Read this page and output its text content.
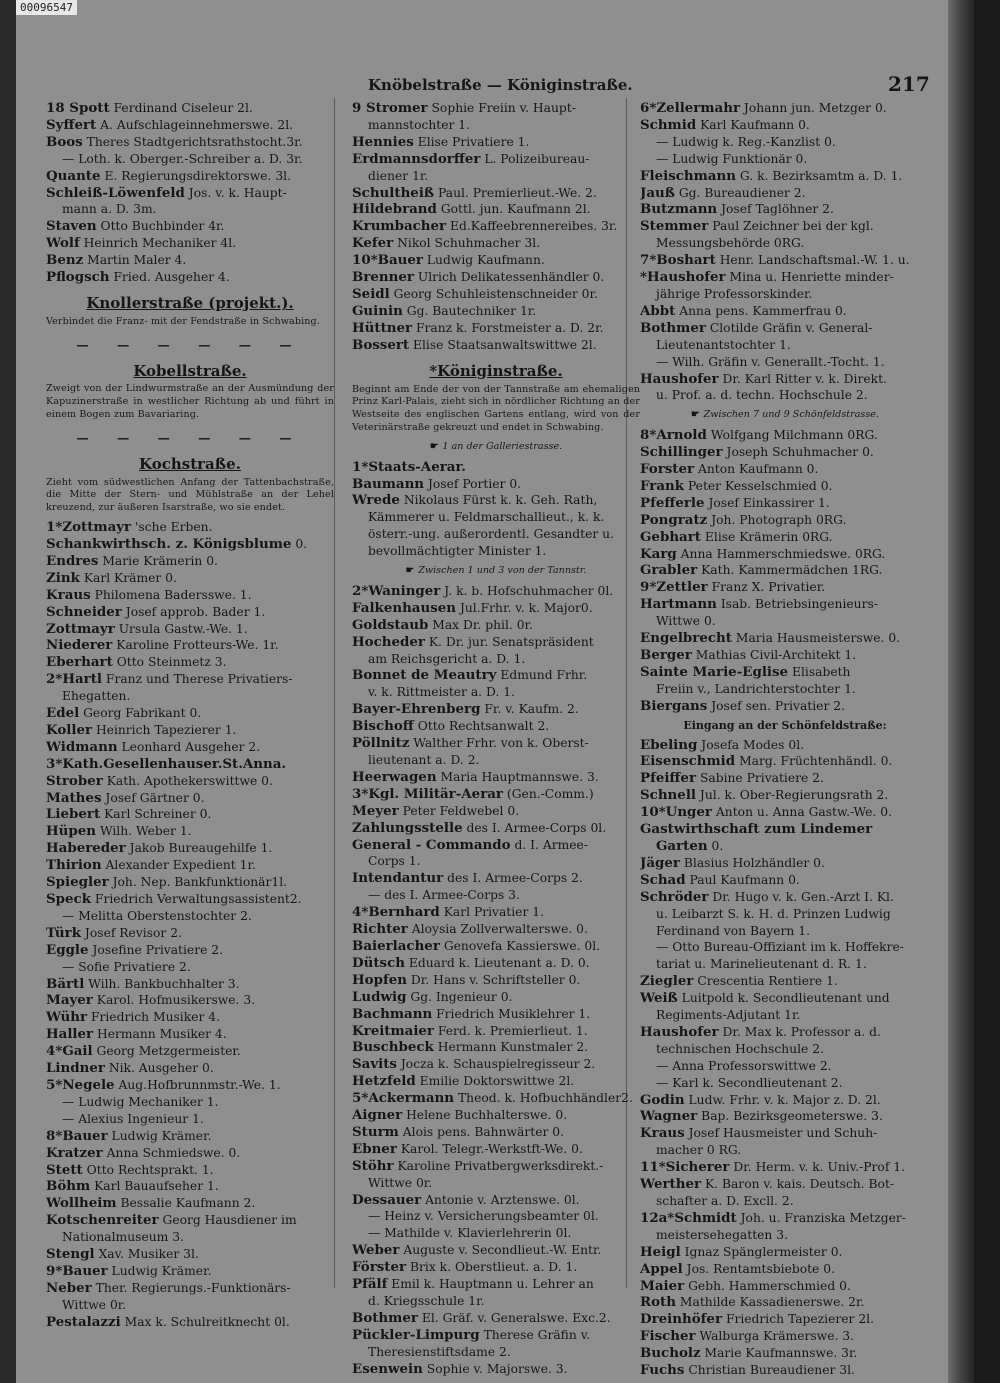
00096547
Knöbelstraße — Königinstraße.	217
18 Spott Ferdinand Ciseleur 2l.
Syffert A. Aufschlageinnehmerswe. 2l.
Boos Theres Stadtgerichtsrathstocht.3r.
— Loth. k. Oberger.-Schreiber a. D. 3r.
Quante E. Regierungsdirektorswe. 3l.
Schleiß-Löwenfeld Jos. v. k. Haupt-
mann a. D. 3m.
Staven Otto Buchbinder 4r.
Wolf Heinrich Mechaniker 4l.
Benz Martin Maler 4.
Pflogsch Fried. Ausgeher 4.
Knollerstraße (projekt.).
Verbindet die Franz- mit der Fendstraße in Schwabing.
— — — — — —
Kobellstraße.
Zweigt von der Lindwurmstraße an der Ausmündung der Kapuzinerstraße in westlicher Richtung ab und führt in einem Bogen zum Bavariaring.
— — — — — —
Kochstraße.
Zieht vom südwestlichen Anfang der Tattenbachstraße, die Mitte der Stern- und Mühlstraße an der Lehel kreuzend, zur äußeren Isarstraße, wo sie endet.
1*Zottmayr 'sche Erben.
Schankwirthsch. z. Königsblume 0.
Endres Marie Krämerin 0.
Zink Karl Krämer 0.
Kraus Philomena Badersswe. 1.
Schneider Josef approb. Bader 1.
Zottmayr Ursula Gastw.-We. 1.
Niederer Karoline Frotteurs-We. 1r.
Eberhart Otto Steinmetz 3.
2*Hartl Franz und Therese Privatiers-
Ehegatten.
Edel Georg Fabrikant 0.
Koller Heinrich Tapezierer 1.
Widmann Leonhard Ausgeher 2.
3*Kath.Gesellenhauser.St.Anna.
Strober Kath. Apothekerswittwe 0.
Mathes Josef Gärtner 0.
Liebert Karl Schreiner 0.
Hüpen Wilh. Weber 1.
Habereder Jakob Bureaugehilfe 1.
Thirion Alexander Expedient 1r.
Spiegler Joh. Nep. Bankfunktionär1l.
Speck Friedrich Verwaltungsassistent2.
— Melitta Oberstenstochter 2.
Türk Josef Revisor 2.
Eggle Josefine Privatiere 2.
— Sofie Privatiere 2.
Bärtl Wilh. Bankbuchhalter 3.
Mayer Karol. Hofmusikerswe. 3.
Wühr Friedrich Musiker 4.
Haller Hermann Musiker 4.
4*Gail Georg Metzgermeister.
Lindner Nik. Ausgeher 0.
5*Negele Aug.Hofbrunnmstr.-We. 1.
— Ludwig Mechaniker 1.
— Alexius Ingenieur 1.
8*Bauer Ludwig Krämer.
Kratzer Anna Schmiedswe. 0.
Stett Otto Rechtsprakt. 1.
Böhm Karl Bauaufseher 1.
Wollheim Bessalie Kaufmann 2.
Kotschenreiter Georg Hausdiener im
Nationalmuseum 3.
Stengl Xav. Musiker 3l.
9*Bauer Ludwig Krämer.
Neber Ther. Regierungs.-Funktionärs-
Wittwe 0r.
Pestalazzi Max k. Schulreitknecht 0l.
9 Stromer Sophie Freiin v. Haupt-
mannstochter 1.
Hennies Elise Privatiere 1.
Erdmannsdorffer L. Polizeibureau-
diener 1r.
Schultheiß Paul. Premierlieut.-We. 2.
Hildebrand Gottl. jun. Kaufmann 2l.
Krumbacher Ed.Kaffeebrennereibes. 3r.
Kefer Nikol Schuhmacher 3l.
10*Bauer Ludwig Kaufmann.
Brenner Ulrich Delikatessenhändler 0.
Seidl Georg Schuhleistenschneider 0r.
Guinin Gg. Bautechniker 1r.
Hüttner Franz k. Forstmeister a. D. 2r.
Bossert Elise Staatsanwaltswittwe 2l.
*Königinstraße.
Beginnt am Ende der von der Tannstraße am ehemaligen Prinz Karl-Palais, zieht sich in nördlicher Richtung an der Westseite des englischen Gartens entlang, wird von der Veterinärstraße gekreuzt und endet in Schwabing.
☛ 1 an der Galleriestrasse.
1*Staats-Aerar.
Baumann Josef Portier 0.
Wrede Nikolaus Fürst k. k. Geh. Rath,
Kämmerer u. Feldmarschallieut., k. k.
österr.-ung. außerordentl. Gesandter u.
bevollmächtigter Minister 1.
☛ Zwischen 1 und 3 von der Tannstr.
2*Waninger J. k. b. Hofschuhmacher 0l.
Falkenhausen Jul.Frhr. v. k. Major0.
Goldstaub Max Dr. phil. 0r.
Hocheder K. Dr. jur. Senatspräsident
am Reichsgericht a. D. 1.
Bonnet de Meautry Edmund Frhr.
v. k. Rittmeister a. D. 1.
Bayer-Ehrenberg Fr. v. Kaufm. 2.
Bischoff Otto Rechtsanwalt 2.
Pöllnitz Walther Frhr. von k. Oberst-
lieutenant a. D. 2.
Heerwagen Maria Hauptmannswe. 3.
3*Kgl. Militär-Aerar (Gen.-Comm.)
Meyer Peter Feldwebel 0.
Zahlungsstelle des I. Armee-Corps 0l.
General - Commando d. I. Armee-
Corps 1.
Intendantur des I. Armee-Corps 2.
— des I. Armee-Corps 3.
4*Bernhard Karl Privatier 1.
Richter Aloysia Zollverwalterswe. 0.
Baierlacher Genovefa Kassierswe. 0l.
Dütsch Eduard k. Lieutenant a. D. 0.
Hopfen Dr. Hans v. Schriftsteller 0.
Ludwig Gg. Ingenieur 0.
Bachmann Friedrich Musiklehrer 1.
Kreitmaier Ferd. k. Premierlieut. 1.
Buschbeck Hermann Kunstmaler 2.
Savits Jocza k. Schauspielregisseur 2.
Hetzfeld Emilie Doktorswittwe 2l.
5*Ackermann Theod. k. Hofbuchhändler2.
Aigner Helene Buchhalterswe. 0.
Sturm Alois pens. Bahnwärter 0.
Ebner Karol. Telegr.-Werkstft-We. 0.
Stöhr Karoline Privatbergwerksdirekt.-
Wittwe 0r.
Dessauer Antonie v. Arztenswe. 0l.
— Heinz v. Versicherungsbeamter 0l.
— Mathilde v. Klavierlehrerin 0l.
Weber Auguste v. Secondlieut.-W. Entr.
Förster Brix k. Oberstlieut. a. D. 1.
Pfälf Emil k. Hauptmann u. Lehrer an
d. Kriegsschule 1r.
Bothmer El. Gräf. v. Generalswe. Exc.2.
Pückler-Limpurg Therese Gräfin v.
Theresienstiftsdame 2.
Esenwein Sophie v. Majorswe. 3.
6*Zellermahr Johann jun. Metzger 0.
Schmid Karl Kaufmann 0.
— Ludwig k. Reg.-Kanzlist 0.
— Ludwig Funktionär 0.
Fleischmann G. k. Bezirksamtm a. D. 1.
Jauß Gg. Bureaudiener 2.
Butzmann Josef Taglöhner 2.
Stemmer Paul Zeichner bei der kgl.
Messungsbehörde 0RG.
7*Boshart Henr. Landschaftsmal.-W. 1. u.
*Haushofer Mina u. Henriette minder-
jährige Professorskinder.
Abbt Anna pens. Kammerfrau 0.
Bothmer Clotilde Gräfin v. General-
Lieutenantstochter 1.
— Wilh. Gräfin v. Generallt.-Tocht. 1.
Haushofer Dr. Karl Ritter v. k. Direkt.
u. Prof. a. d. techn. Hochschule 2.
☛ Zwischen 7 und 9 Schönfeldstrasse.
8*Arnold Wolfgang Milchmann 0RG.
Schillinger Joseph Schuhmacher 0.
Forster Anton Kaufmann 0.
Frank Peter Kesselschmied 0.
Pfefferle Josef Einkassirer 1.
Pongratz Joh. Photograph 0RG.
Gebhart Elise Krämerin 0RG.
Karg Anna Hammerschmiedswe. 0RG.
Grabler Kath. Kammermädchen 1RG.
9*Zettler Franz X. Privatier.
Hartmann Isab. Betriebsingenieurs-
Wittwe 0.
Engelbrecht Maria Hausmeisterswe. 0.
Berger Mathias Civil-Architekt 1.
Sainte Marie-Eglise Elisabeth
Freiin v., Landrichterstochter 1.
Biergans Josef sen. Privatier 2.
Eingang an der Schönfeldstraße:
Ebeling Josefa Modes 0l.
Eisenschmid Marg. Früchtenhändl. 0.
Pfeiffer Sabine Privatiere 2.
Schnell Jul. k. Ober-Regierungsrath 2.
10*Unger Anton u. Anna Gastw.-We. 0.
Gastwirthschaft zum Lindemer
Garten 0.
Jäger Blasius Holzhändler 0.
Schad Paul Kaufmann 0.
Schröder Dr. Hugo v. k. Gen.-Arzt I. Kl.
u. Leibarzt S. k. H. d. Prinzen Ludwig
Ferdinand von Bayern 1.
— Otto Bureau-Offiziant im k. Hoffekre-
tariat u. Marinelieutenant d. R. 1.
Ziegler Crescentia Rentiere 1.
Weiß Luitpold k. Secondlieutenant und
Regiments-Adjutant 1r.
Haushofer Dr. Max k. Professor a. d.
technischen Hochschule 2.
— Anna Professorswittwe 2.
— Karl k. Secondlieutenant 2.
Godin Ludw. Frhr. v. k. Major z. D. 2l.
Wagner Bap. Bezirksgeometerswe. 3.
Kraus Josef Hausmeister und Schuh-
macher 0 RG.
11*Sicherer Dr. Herm. v. k. Univ.-Prof 1.
Werther K. Baron v. kais. Deutsch. Bot-
schafter a. D. Excll. 2.
12a*Schmidt Joh. u. Franziska Metzger-
meistersehegatten 3.
Heigl Ignaz Spänglermeister 0.
Appel Jos. Rentamtsbiebote 0.
Maier Gebh. Hammerschmied 0.
Roth Mathilde Kassadienerswe. 2r.
Dreinhöfer Friedrich Tapezierer 2l.
Fischer Walburga Krämerswe. 3.
Bucholz Marie Kaufmannswe. 3r.
Fuchs Christian Bureaudiener 3l.
